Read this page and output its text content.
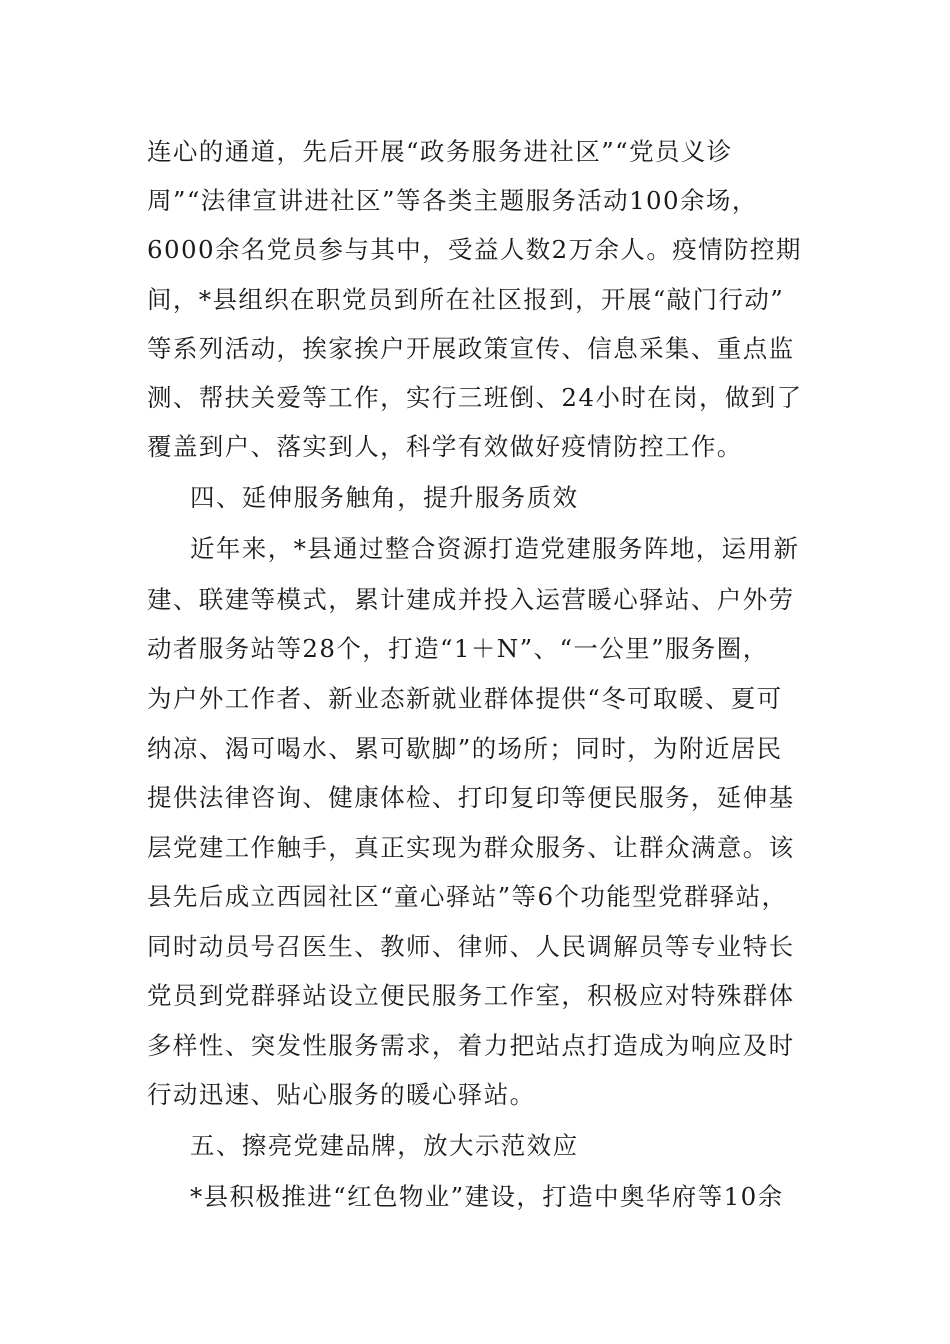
连心的通道，先后开展“政务服务进社区”“党员义诊
周”“法律宣讲进社区”等各类主题服务活动100余场，
6000余名党员参与其中，受益人数2万余人。疫情防控期
间，*县组织在职党员到所在社区报到，开展“敲门行动”
等系列活动，挨家挨户开展政策宣传、信息采集、重点监
测、帮扶关爱等工作，实行三班倒、24小时在岗，做到了
覆盖到户、落实到人，科学有效做好疫情防控工作。
四、延伸服务触角，提升服务质效
近年来，*县通过整合资源打造党建服务阵地，运用新
建、联建等模式，累计建成并投入运营暖心驿站、户外劳
动者服务站等28个，打造“1＋N”、“一公里”服务圈，
为户外工作者、新业态新就业群体提供“冬可取暖、夏可
纳凉、渴可喝水、累可歇脚”的场所；同时，为附近居民
提供法律咨询、健康体检、打印复印等便民服务，延伸基
层党建工作触手，真正实现为群众服务、让群众满意。该
县先后成立西园社区“童心驿站”等6个功能型党群驿站，
同时动员号召医生、教师、律师、人民调解员等专业特长
党员到党群驿站设立便民服务工作室，积极应对特殊群体
多样性、突发性服务需求，着力把站点打造成为响应及时
行动迅速、贴心服务的暖心驿站。
五、擦亮党建品牌，放大示范效应
*县积极推进“红色物业”建设，打造中奥华府等10余
